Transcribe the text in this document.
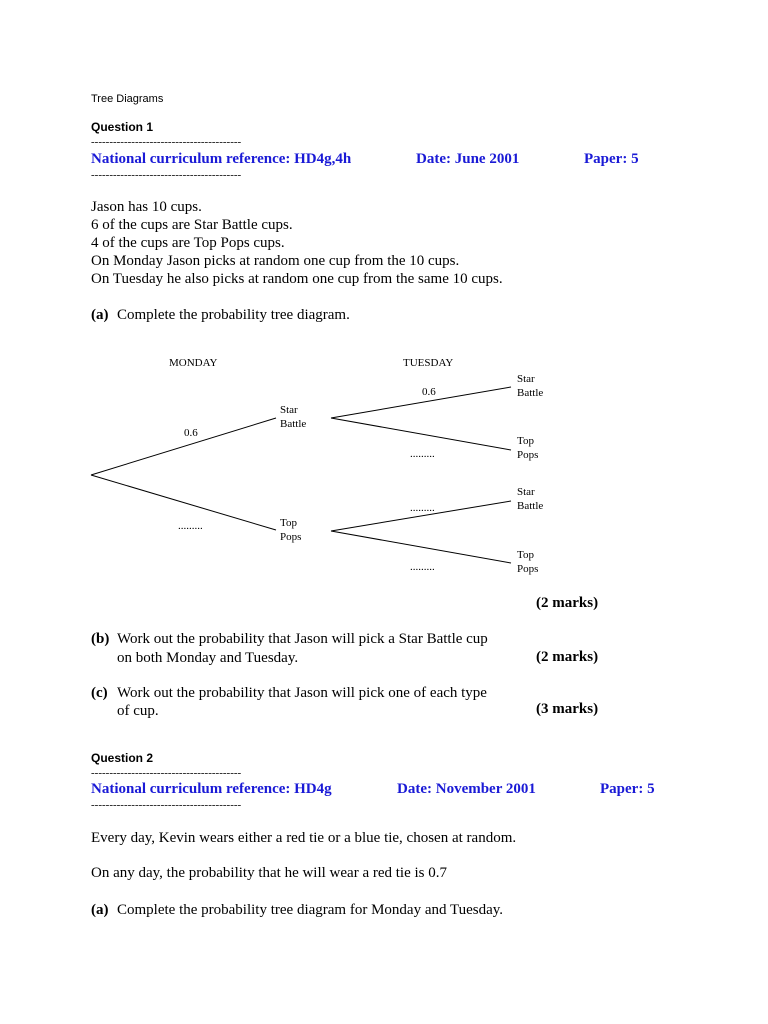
Tree Diagrams
Question 1
-----------------------------------------
National curriculum reference: HD4g,4h	Date: June 2001	Paper: 5
-----------------------------------------
Jason has 10 cups.
6 of the cups are Star Battle cups.
4 of the cups are Top Pops cups.
On Monday Jason picks at random one cup from the 10 cups.
On Tuesday he also picks at random one cup from the same 10 cups.
(a) Complete the probability tree diagram.
MONDAY	TUESDAY
0.6
.........
Star
Battle
Top
Pops
0.6
.........
.........
.........
Star
Battle
Top
Pops
Star
Battle
Top
Pops
(2 marks)
(b) Work out the probability that Jason will pick a Star Battle cup
on both Monday and Tuesday.	(2 marks)
(c) Work out the probability that Jason will pick one of each type
of cup.	(3 marks)
Question 2
-----------------------------------------
National curriculum reference: HD4g	Date: November 2001	Paper: 5
-----------------------------------------
Every day, Kevin wears either a red tie or a blue tie, chosen at random.
On any day, the probability that he will wear a red tie is 0.7
(a) Complete the probability tree diagram for Monday and Tuesday.
